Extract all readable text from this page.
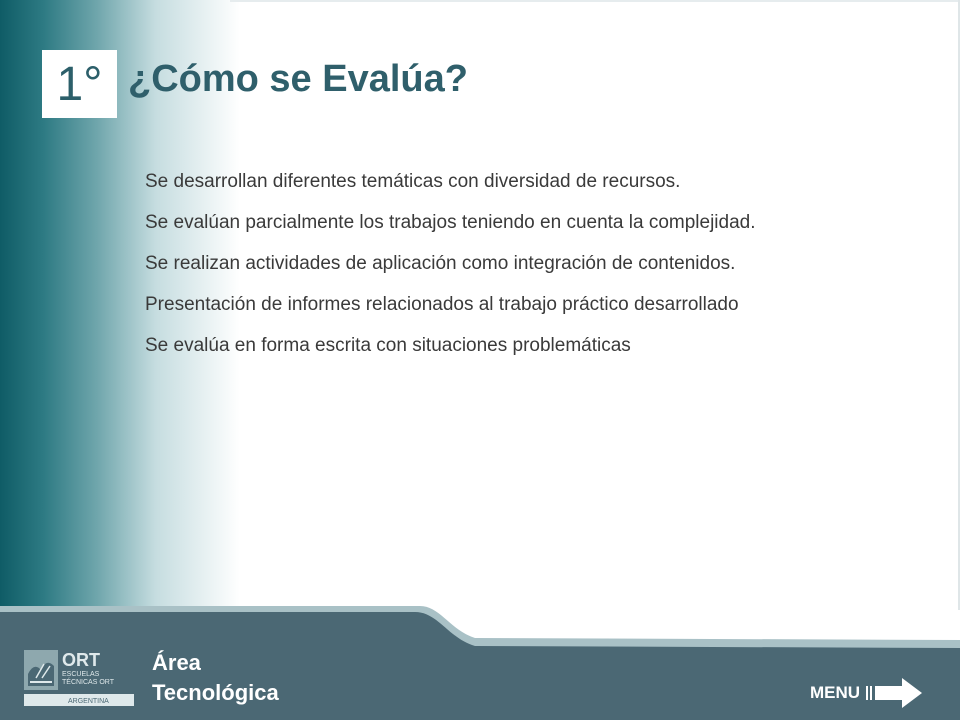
1° ¿Cómo se Evalúa?
Se desarrollan diferentes temáticas con diversidad de recursos.
Se evalúan parcialmente los trabajos teniendo en cuenta la complejidad.
Se realizan actividades de aplicación como integración de contenidos.
Presentación de informes relacionados al trabajo práctico desarrollado
Se evalúa en forma escrita con situaciones problemáticas
ORT
ESCUELAS
TÉCNICAS ORT
ARGENTINA
Área
Tecnológica	MENU
